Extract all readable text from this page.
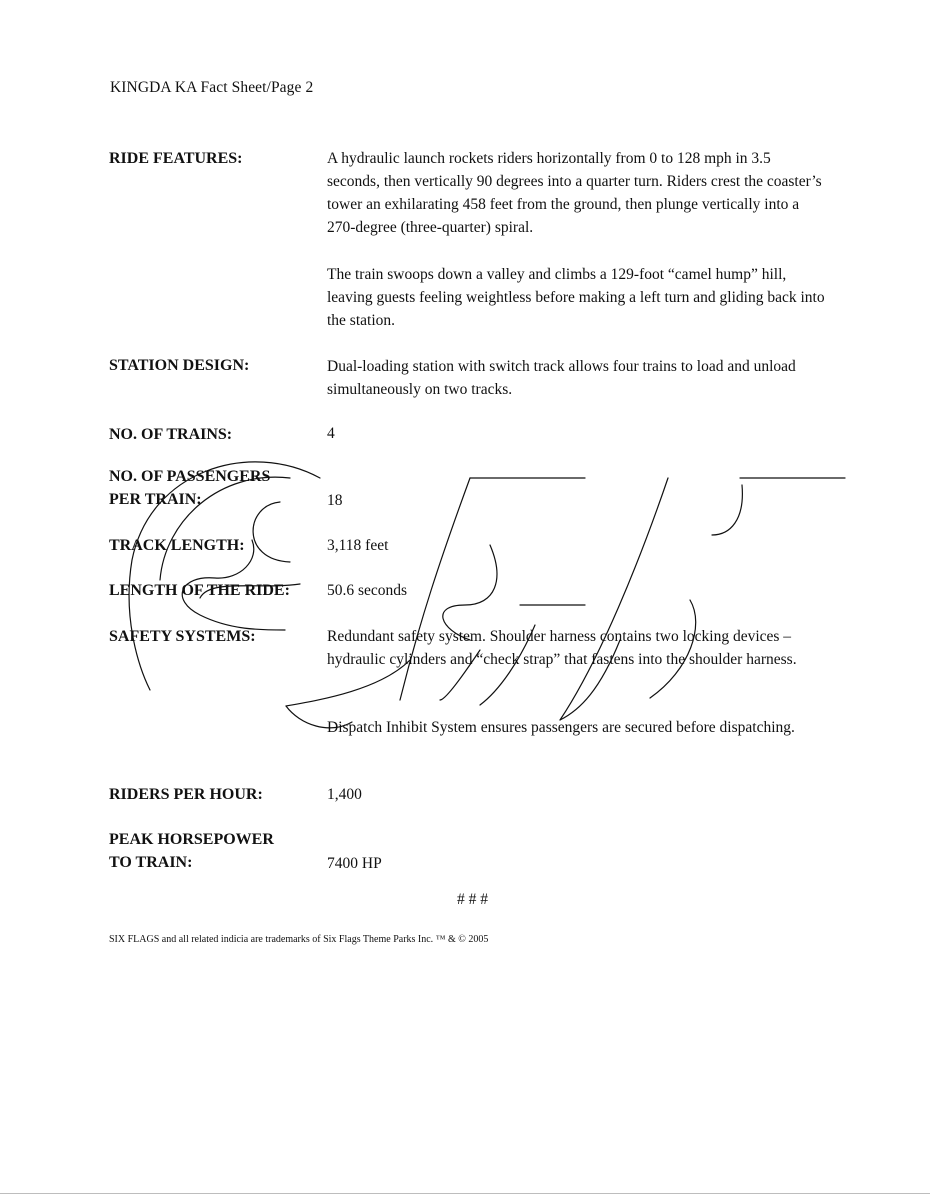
KINGDA KA Fact Sheet/Page 2
RIDE FEATURES:	A hydraulic launch rockets riders horizontally from 0 to 128 mph in 3.5 seconds, then vertically 90 degrees into a quarter turn. Riders crest the coaster’s tower an exhilarating 458 feet from the ground, then plunge vertically into a 270-degree (three-quarter) spiral.
The train swoops down a valley and climbs a 129-foot “camel hump” hill, leaving guests feeling weightless before making a left turn and gliding back into the station.
STATION DESIGN:	Dual-loading station with switch track allows four trains to load and unload simultaneously on two tracks.
NO. OF TRAINS:	4
NO. OF PASSENGERS
PER TRAIN:	18
TRACK LENGTH:	3,118 feet
LENGTH OF THE RIDE:	50.6 seconds
SAFETY SYSTEMS:	Redundant safety system. Shoulder harness contains two locking devices – hydraulic cylinders and “check strap” that fastens into the shoulder harness.
Dispatch Inhibit System ensures passengers are secured before dispatching.
RIDERS PER HOUR:	1,400
PEAK HORSEPOWER
TO TRAIN:	7400 HP
# # #
SIX FLAGS and all related indicia are trademarks of Six Flags Theme Parks Inc. ™ & © 2005
